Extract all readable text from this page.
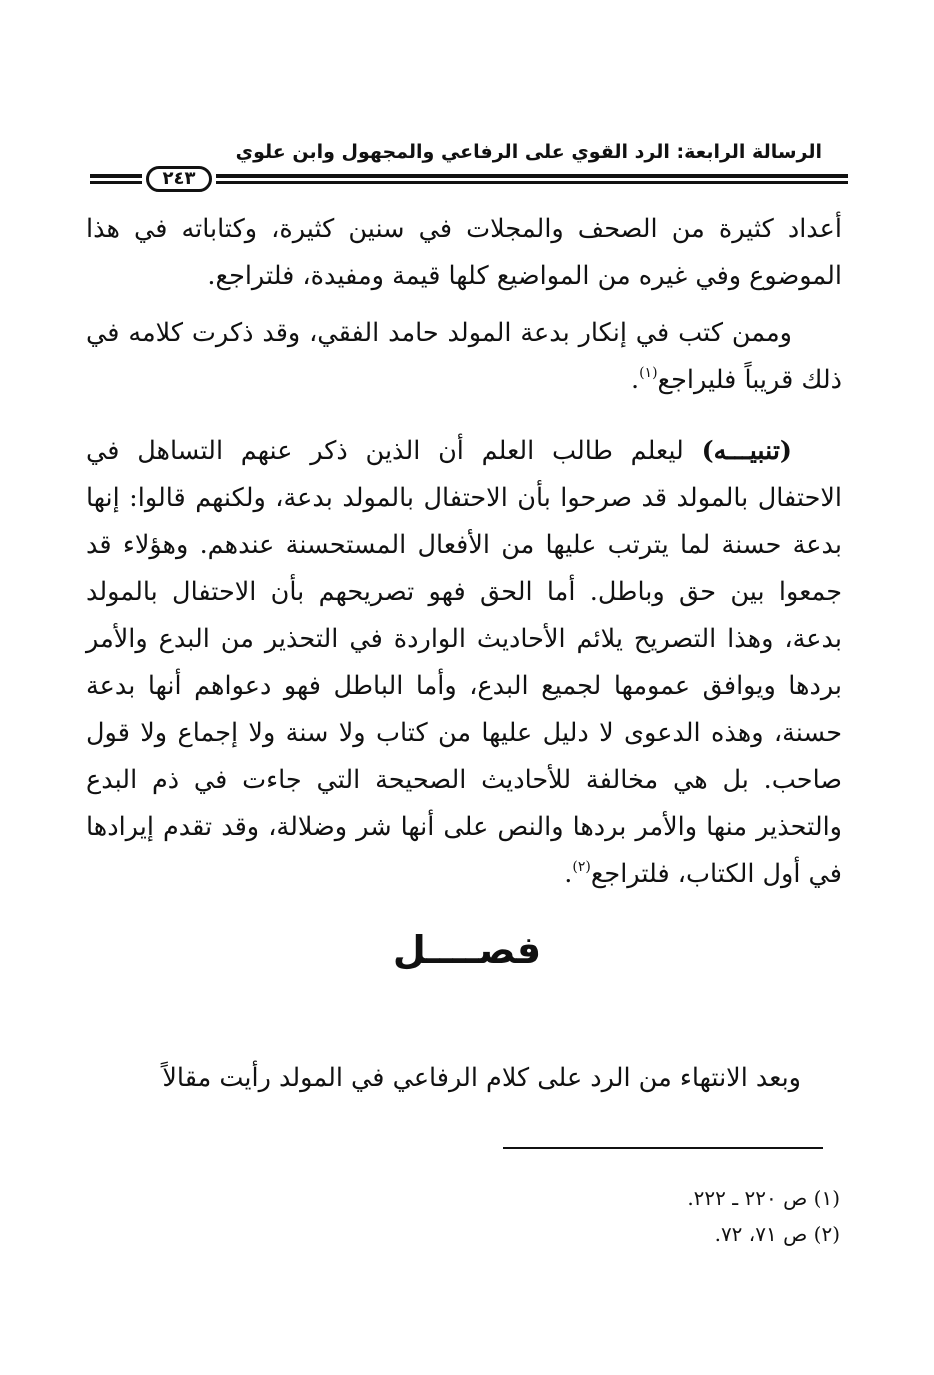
الرسالة الرابعة: الرد القوي على الرفاعي والمجهول وابن علوي
٢٤٣

أعداد كثيرة من الصحف والمجلات في سنين كثيرة، وكتاباته في هذا الموضوع وفي غيره من المواضيع كلها قيمة ومفيدة، فلتراجع.

وممن كتب في إنكار بدعة المولد حامد الفقي، وقد ذكرت كلامه في ذلك قريباً فليراجع$^{(١)}$.

(تنبيـــه) ليعلم طالب العلم أن الذين ذكر عنهم التساهل في الاحتفال بالمولد قد صرحوا بأن الاحتفال بالمولد بدعة، ولكنهم قالوا: إنها بدعة حسنة لما يترتب عليها من الأفعال المستحسنة عندهم. وهؤلاء قد جمعوا بين حق وباطل. أما الحق فهو تصريحهم بأن الاحتفال بالمولد بدعة، وهذا التصريح يلائم الأحاديث الواردة في التحذير من البدع والأمر بردها ويوافق عمومها لجميع البدع، وأما الباطل فهو دعواهم أنها بدعة حسنة، وهذه الدعوى لا دليل عليها من كتاب ولا سنة ولا إجماع ولا قول صاحب. بل هي مخالفة للأحاديث الصحيحة التي جاءت في ذم البدع والتحذير منها والأمر بردها والنص على أنها شر وضلالة، وقد تقدم إيرادها في أول الكتاب، فلتراجع$^{(٢)}$.

فصــــل
وبعد الانتهاء من الرد على كلام الرفاعي في المولد رأيت مقالاً
(١) ص ٢٢٠ ـ ٢٢٢.
(٢) ص ٧١، ٧٢.
